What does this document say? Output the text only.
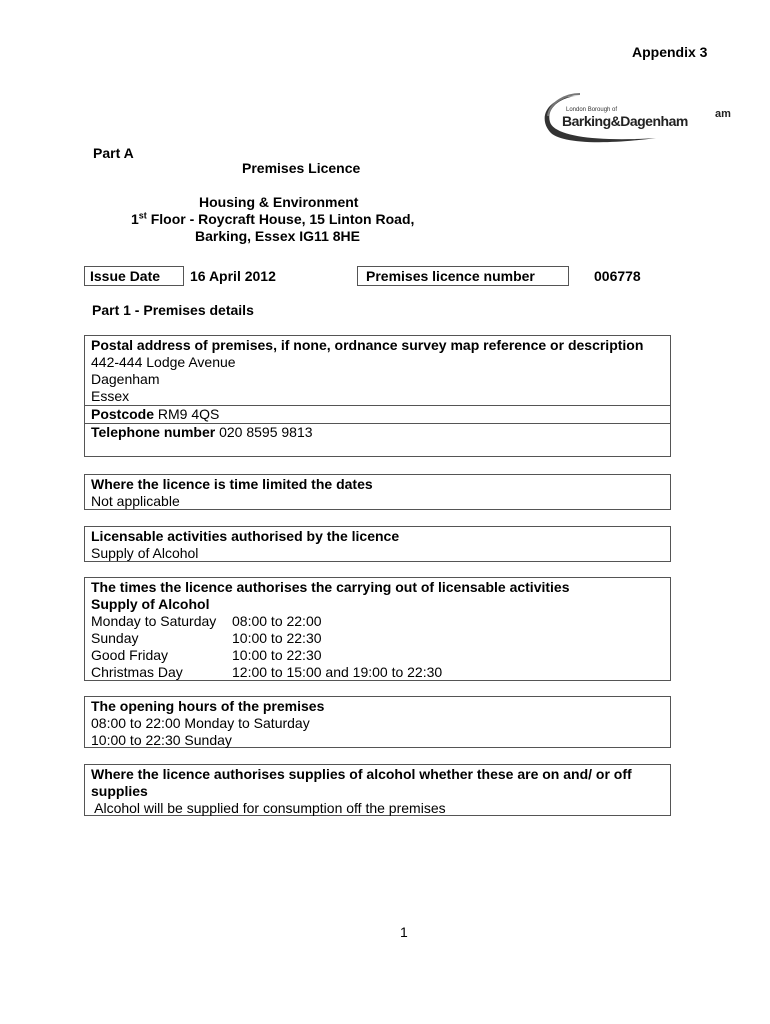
Appendix 3
London Borough of
Barking&Dagenham am
Part A
Premises Licence
Housing & Environment
1st Floor - Roycraft House, 15 Linton Road,
Barking, Essex IG11 8HE
Issue Date	16 April 2012	Premises licence number	006778
Part 1 - Premises details
Postal address of premises, if none, ordnance survey map reference or description
442-444 Lodge Avenue
Dagenham
Essex
Postcode RM9 4QS
Telephone number 020 8595 9813
Where the licence is time limited the dates
Not applicable
Licensable activities authorised by the licence
Supply of Alcohol
The times the licence authorises the carrying out of licensable activities
Supply of Alcohol
Monday to Saturday	08:00 to 22:00
Sunday	10:00 to 22:30
Good Friday	10:00 to 22:30
Christmas Day	12:00 to 15:00 and 19:00 to 22:30
The opening hours of the premises
08:00 to 22:00 Monday to Saturday
10:00 to 22:30 Sunday
Where the licence authorises supplies of alcohol whether these are on and/ or off supplies
Alcohol will be supplied for consumption off the premises
1
